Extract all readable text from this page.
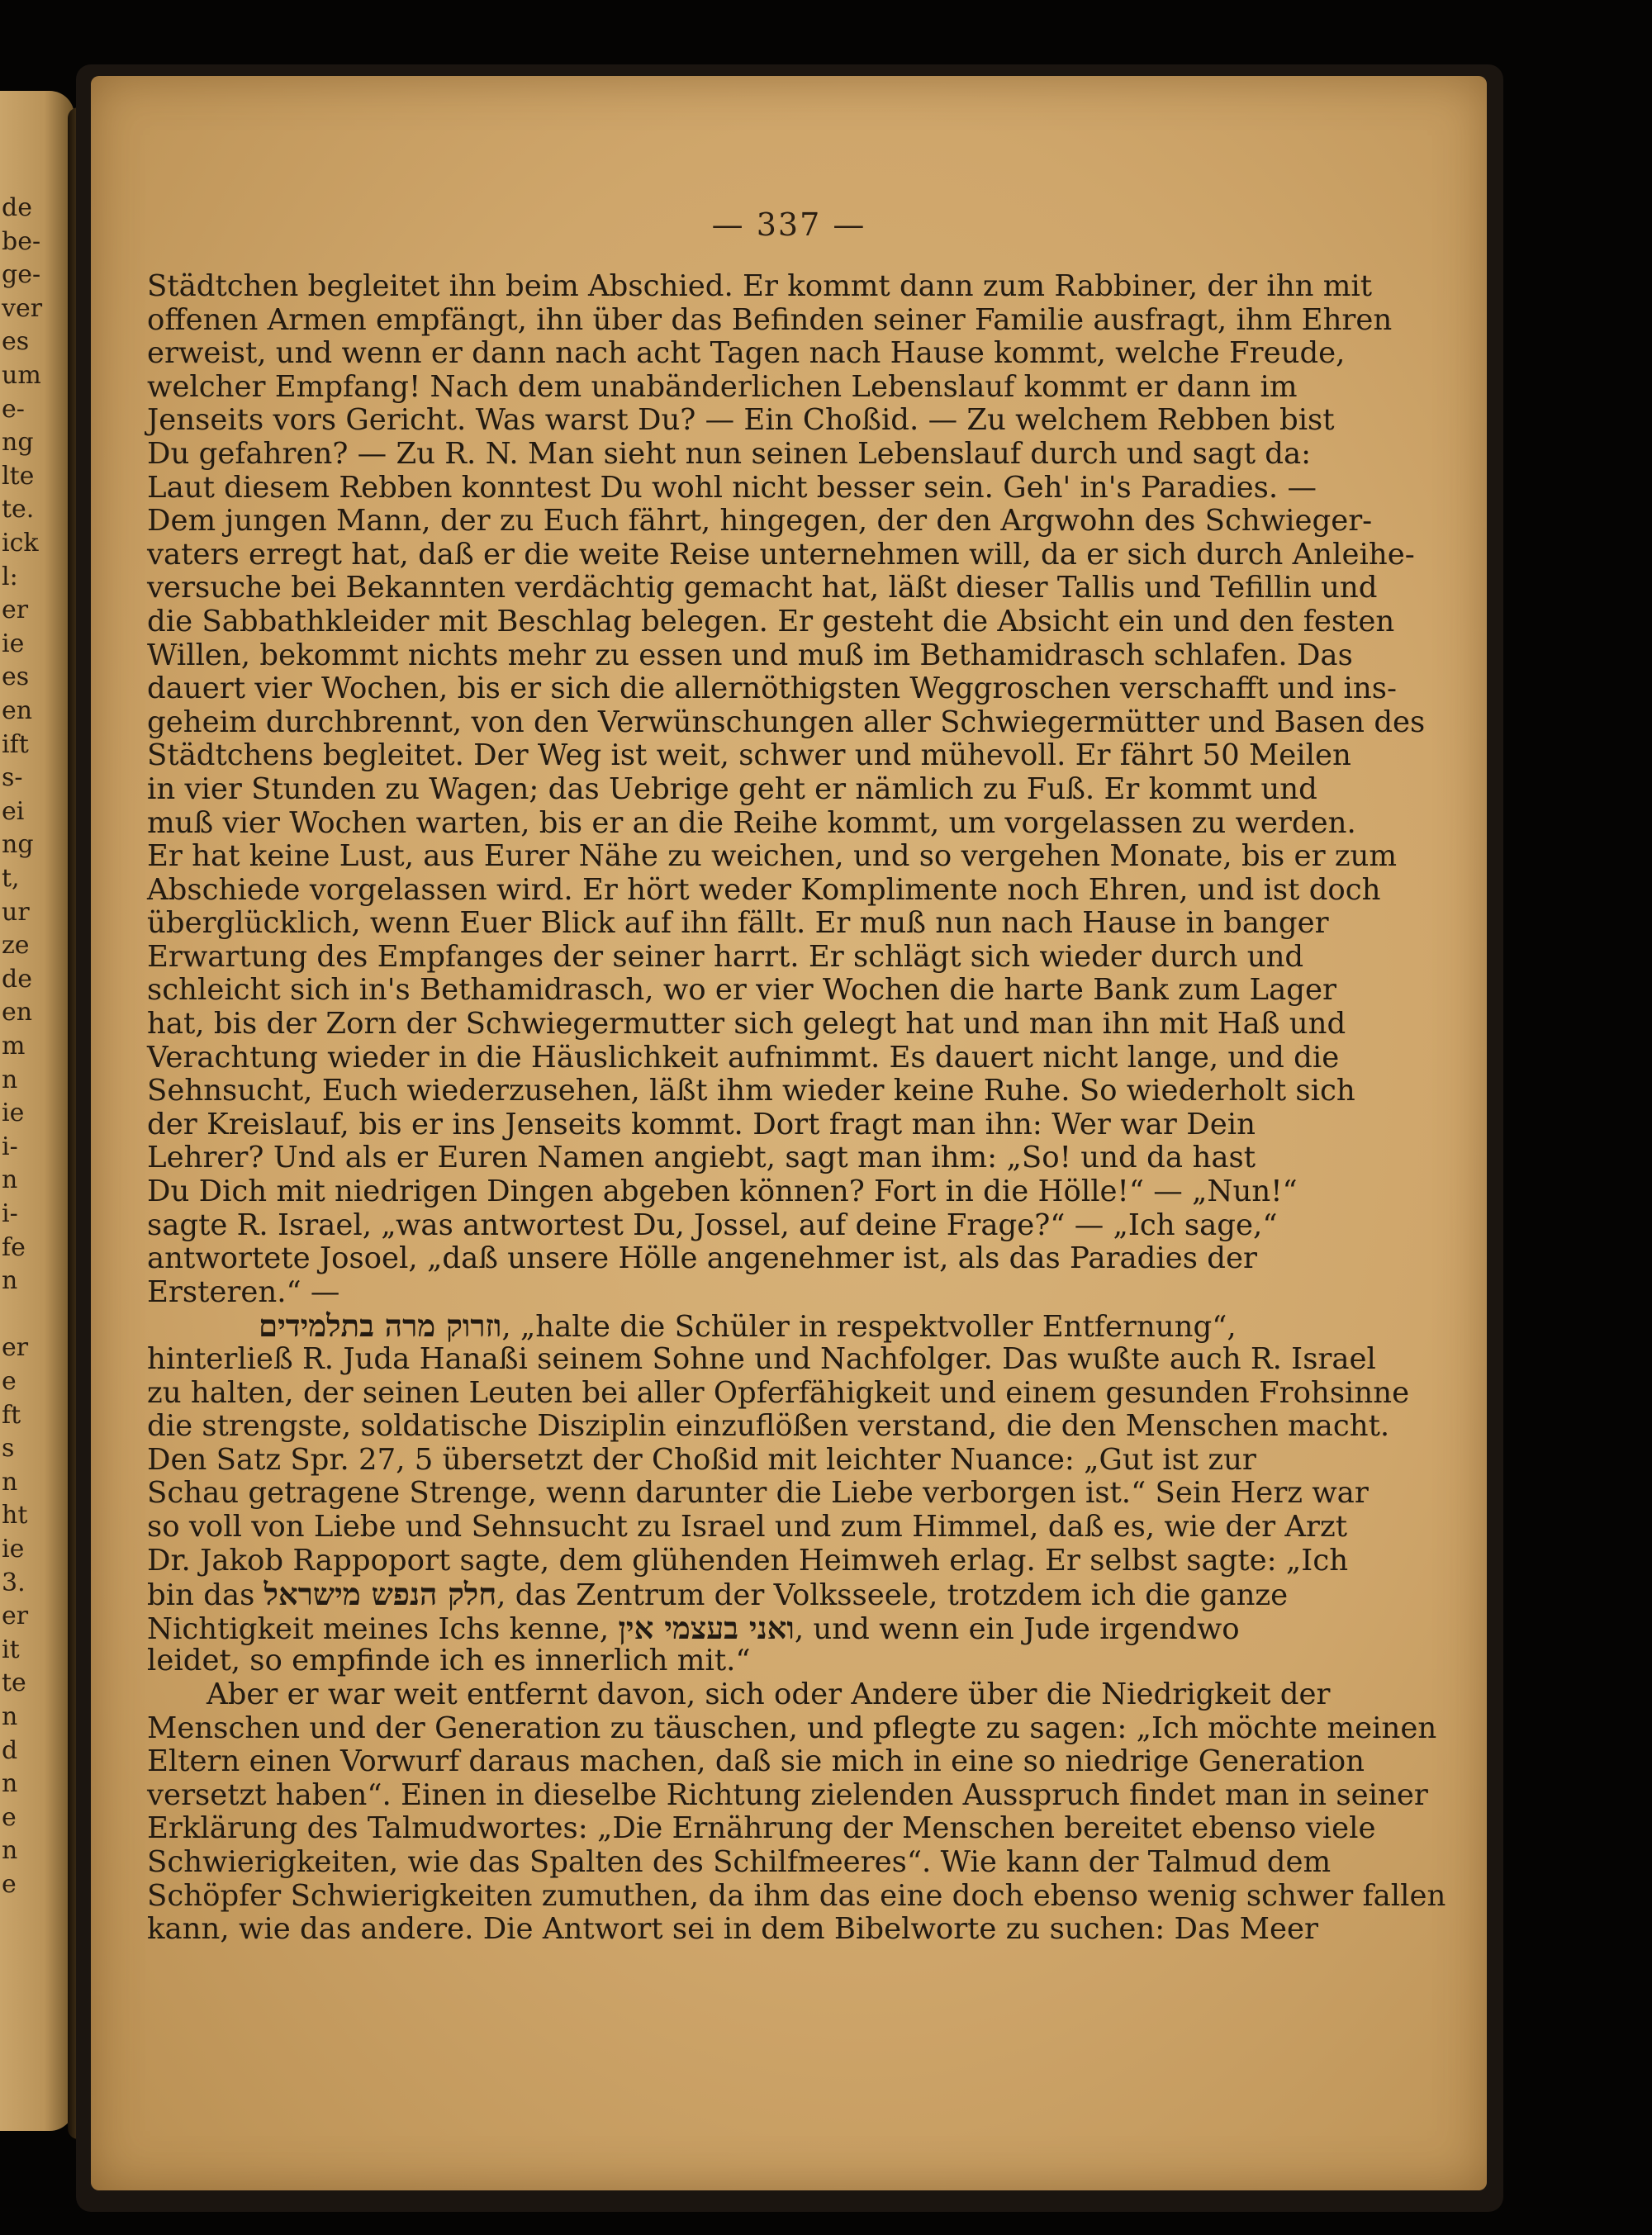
de
be-
ge-
ver
es
um
e-
ng
lte
te.
ick
l:
er
ie
es
en
ift
s-
ei
ng
t,
ur
ze
de
en
m
n
ie
i-
n
i-
fe
n
er
e
ft
s
n
ht
ie
3.
er
it
te
n
d
n
e
n
e
— 337 —
Städtchen begleitet ihn beim Abschied. Er kommt dann zum Rabbiner, der ihn mit
offenen Armen empfängt, ihn über das Befinden seiner Familie ausfragt, ihm Ehren
erweist, und wenn er dann nach acht Tagen nach Hause kommt, welche Freude,
welcher Empfang! Nach dem unabänderlichen Lebenslauf kommt er dann im
Jenseits vors Gericht. Was warst Du? — Ein Choßid. — Zu welchem Rebben bist
Du gefahren? — Zu R. N. Man sieht nun seinen Lebenslauf durch und sagt da:
Laut diesem Rebben konntest Du wohl nicht besser sein. Geh' in's Paradies. —
Dem jungen Mann, der zu Euch fährt, hingegen, der den Argwohn des Schwieger-
vaters erregt hat, daß er die weite Reise unternehmen will, da er sich durch Anleihe-
versuche bei Bekannten verdächtig gemacht hat, läßt dieser Tallis und Tefillin und
die Sabbathkleider mit Beschlag belegen. Er gesteht die Absicht ein und den festen
Willen, bekommt nichts mehr zu essen und muß im Bethamidrasch schlafen. Das
dauert vier Wochen, bis er sich die allernöthigsten Weggroschen verschafft und ins-
geheim durchbrennt, von den Verwünschungen aller Schwiegermütter und Basen des
Städtchens begleitet. Der Weg ist weit, schwer und mühevoll. Er fährt 50 Meilen
in vier Stunden zu Wagen; das Uebrige geht er nämlich zu Fuß. Er kommt und
muß vier Wochen warten, bis er an die Reihe kommt, um vorgelassen zu werden.
Er hat keine Lust, aus Eurer Nähe zu weichen, und so vergehen Monate, bis er zum
Abschiede vorgelassen wird. Er hört weder Komplimente noch Ehren, und ist doch
überglücklich, wenn Euer Blick auf ihn fällt. Er muß nun nach Hause in banger
Erwartung des Empfanges der seiner harrt. Er schlägt sich wieder durch und
schleicht sich in's Bethamidrasch, wo er vier Wochen die harte Bank zum Lager
hat, bis der Zorn der Schwiegermutter sich gelegt hat und man ihn mit Haß und
Verachtung wieder in die Häuslichkeit aufnimmt. Es dauert nicht lange, und die
Sehnsucht, Euch wiederzusehen, läßt ihm wieder keine Ruhe. So wiederholt sich
der Kreislauf, bis er ins Jenseits kommt. Dort fragt man ihn: Wer war Dein
Lehrer? Und als er Euren Namen angiebt, sagt man ihm: „So! und da hast
Du Dich mit niedrigen Dingen abgeben können? Fort in die Hölle!“ — „Nun!“
sagte R. Israel, „was antwortest Du, Jossel, auf deine Frage?“ — „Ich sage,“
antwortete Josoel, „daß unsere Hölle angenehmer ist, als das Paradies der
Ersteren.“ —
וזרוק מרה בתלמידים, „halte die Schüler in respektvoller Entfernung“,
hinterließ R. Juda Hanaßi seinem Sohne und Nachfolger. Das wußte auch R. Israel
zu halten, der seinen Leuten bei aller Opferfähigkeit und einem gesunden Frohsinne
die strengste, soldatische Disziplin einzuflößen verstand, die den Menschen macht.
Den Satz Spr. 27, 5 übersetzt der Choßid mit leichter Nuance: „Gut ist zur
Schau getragene Strenge, wenn darunter die Liebe verborgen ist.“ Sein Herz war
so voll von Liebe und Sehnsucht zu Israel und zum Himmel, daß es, wie der Arzt
Dr. Jakob Rappoport sagte, dem glühenden Heimweh erlag. Er selbst sagte: „Ich
bin das חלק הנפש מישראל, das Zentrum der Volksseele, trotzdem ich die ganze
Nichtigkeit meines Ichs kenne, ואני בעצמי אין, und wenn ein Jude irgendwo
leidet, so empfinde ich es innerlich mit.“
Aber er war weit entfernt davon, sich oder Andere über die Niedrigkeit der
Menschen und der Generation zu täuschen, und pflegte zu sagen: „Ich möchte meinen
Eltern einen Vorwurf daraus machen, daß sie mich in eine so niedrige Generation
versetzt haben“. Einen in dieselbe Richtung zielenden Ausspruch findet man in seiner
Erklärung des Talmudwortes: „Die Ernährung der Menschen bereitet ebenso viele
Schwierigkeiten, wie das Spalten des Schilfmeeres“. Wie kann der Talmud dem
Schöpfer Schwierigkeiten zumuthen, da ihm das eine doch ebenso wenig schwer fallen
kann, wie das andere. Die Antwort sei in dem Bibelworte zu suchen: Das Meer
